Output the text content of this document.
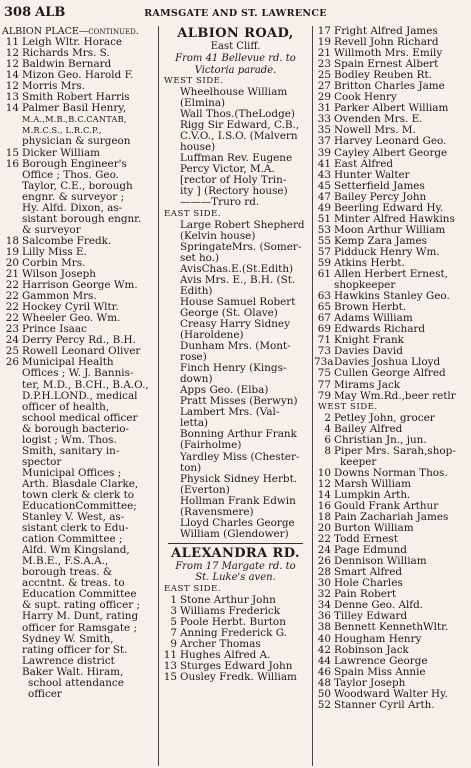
308 ALB	RAMSGATE AND ST. LAWRENCE
ALBION PLACE—continued.
11 Leigh Wltr. Horace
12 Richards Mrs. S.
12 Baldwin Bernard
14 Mizon Geo. Harold F.
12 Morris Mrs.
13 Smith Robert Harris
14 Palmer Basil Henry,
M.A.,M.B.,B.C.CANTAB,
M.R.C.S., L.R.C.P.,
physician & surgeon
15 Dicker William
16 Borough Engineer's
Office ; Thos. Geo.
Taylor, C.E., borough
engnr. & surveyor ;
Hy. Alfd. Dixon, as-
sistant borough engnr.
& surveyor
18 Salcombe Fredk.
19 Lilly Miss E.
20 Corbin Mrs.
21 Wilson Joseph
22 Harrison George Wm.
22 Gammon Mrs.
22 Hockey Cyril Wltr.
22 Wheeler Geo. Wm.
23 Prince Isaac
24 Derry Percy Rd., B.H.
25 Rowell Leonard Oliver
26 Municipal Health
Offices ; W. J. Bannis-
ter, M.D., B.CH., B.A.O.,
D.P.H.LOND., medical
officer of health,
school medical officer
& borough bacterio-
logist ; Wm. Thos.
Smith, sanitary in-
spector
Municipal Offices ;
Arth. Blasdale Clarke,
town clerk & clerk to
EducationCommittee;
Stanley V. West, as-
sistant clerk to Edu-
cation Committee ;
Alfd. Wm Kingsland,
M.B.E., F.S.A.A.,
borough treas. &
accntnt. & treas. to
Education Committee
& supt. rating officer ;
Harry M. Dunt, rating
officer for Ramsgate ;
Sydney W. Smith,
rating officer for St.
Lawrence district
Baker Walt. Hiram,
school attendance
officer
ALBION ROAD,
East Cliff.
From 41 Bellevue rd. to
Victoria parade.
WEST SIDE.
Wheelhouse William
(Elmina)
Wall Thos.(TheLodge)
Rigg Sir Edward, C.B.,
C.V.O., I.S.O. (Malvern
house)
Luffman Rev. Eugene
Percy Victor, M.A.
[rector of Holy Trin-
ity ] (Rectory house)
———Truro rd.
EAST SIDE.
Large Robert Shepherd
(Kelvin house)
SpringateMrs. (Somer-
set ho.)
AvisChas.E.(St.Edith)
Avis Mrs. E., B.H. (St.
Edith)
House Samuel Robert
George (St. Olave)
Creasy Harry Sidney
(Haroldene)
Dunham Mrs. (Mont-
rose)
Finch Henry (Kings-
down)
Apps Geo. (Elba)
Pratt Misses (Berwyn)
Lambert Mrs. (Val-
letta)
Bonning Arthur Frank
(Fairholme)
Yardley Miss (Chester-
ton)
Physick Sidney Herbt.
(Everton)
Hollman Frank Edwin
(Ravensmere)
Lloyd Charles George
William (Glendower)
ALEXANDRA RD.
From 17 Margate rd. to
St. Luke's aven.
EAST SIDE.
1 Stone Arthur John
3 Williams Frederick
5 Poole Herbt. Burton
7 Anning Frederick G.
9 Archer Thomas
11 Hughes Alfred A.
13 Sturges Edward John
15 Ousley Fredk. William
17 Fright Alfred James
19 Revell John Richard
21 Willmoth Mrs. Emily
23 Spain Ernest Albert
25 Bodley Reuben Rt.
27 Britton Charles Jame
29 Cook Henry
31 Parker Albert William
33 Ovenden Mrs. E.
35 Nowell Mrs. M.
37 Harvey Leonard Geo.
39 Cayley Albert George
41 East Alfred
43 Hunter Walter
45 Setterfield James
47 Bailey Percy John
49 Beerling Edward Hy.
51 Minter Alfred Hawkins
53 Moon Arthur William
55 Kemp Zara James
57 Pidduck Henry Wm.
59 Atkins Herbt.
61 Allen Herbert Ernest,
shopkeeper
63 Hawkins Stanley Geo.
65 Brown Herbt.
67 Adams William
69 Edwards Richard
71 Knight Frank
73 Davies David
73aDavies Joshua Lloyd
75 Cullen George Alfred
77 Mirams Jack
79 May Wm.Rd.,beer retlr
WEST SIDE.
2 Petley John, grocer
4 Bailey Alfred
6 Christian Jn., jun.
8 Piper Mrs. Sarah,shop-
keeper
10 Downs Norman Thos.
12 Marsh William
14 Lumpkin Arth.
16 Gould Frank Arthur
18 Pain Zachariah James
20 Burton William
22 Todd Ernest
24 Page Edmund
26 Dennison William
28 Smart Alfred
30 Hole Charles
32 Pain Robert
34 Denne Geo. Alfd.
36 Tilley Edward
38 Bennett KennethWltr.
40 Hougham Henry
42 Robinson Jack
44 Lawrence George
46 Spain Miss Annie
48 Taylor Joseph
50 Woodward Walter Hy.
52 Stanner Cyril Arth.
